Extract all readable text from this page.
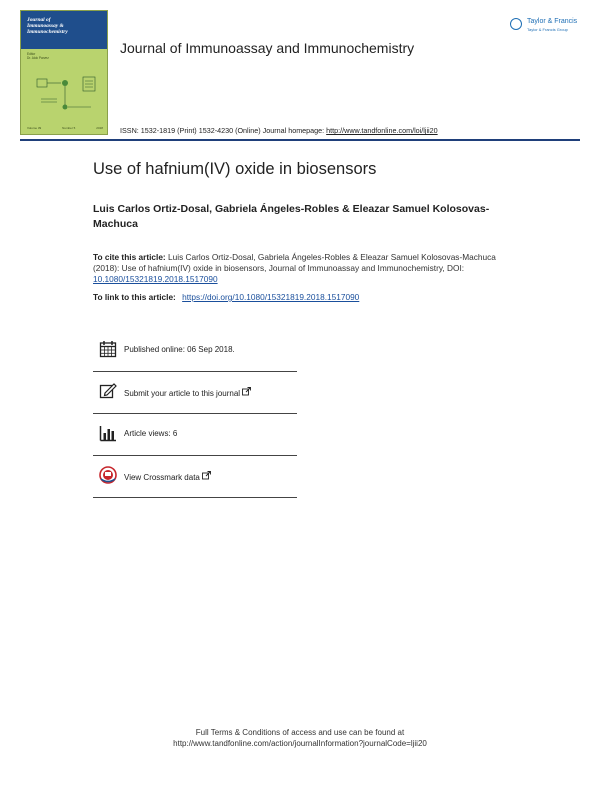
Journal of
Immunoassay &
Immunochemistry
Editor
Dr. Alok Parvez
Volume 39	Number 5	2018
Journal of Immunoassay and Immunochemistry
Taylor & Francis
Taylor & Francis Group
ISSN: 1532-1819 (Print) 1532-4230 (Online) Journal homepage: http://www.tandfonline.com/loi/ljii20
Use of hafnium(IV) oxide in biosensors
Luis Carlos Ortiz-Dosal, Gabriela Ángeles-Robles & Eleazar Samuel Kolosovas-Machuca
To cite this article: Luis Carlos Ortiz-Dosal, Gabriela Ángeles-Robles & Eleazar Samuel Kolosovas-Machuca (2018): Use of hafnium(IV) oxide in biosensors, Journal of Immunoassay and Immunochemistry, DOI: 10.1080/15321819.2018.1517090
To link to this article: https://doi.org/10.1080/15321819.2018.1517090
Published online: 06 Sep 2018.
Submit your article to this journal
Article views: 6
View Crossmark data
Full Terms & Conditions of access and use can be found at
http://www.tandfonline.com/action/journalInformation?journalCode=ljii20
